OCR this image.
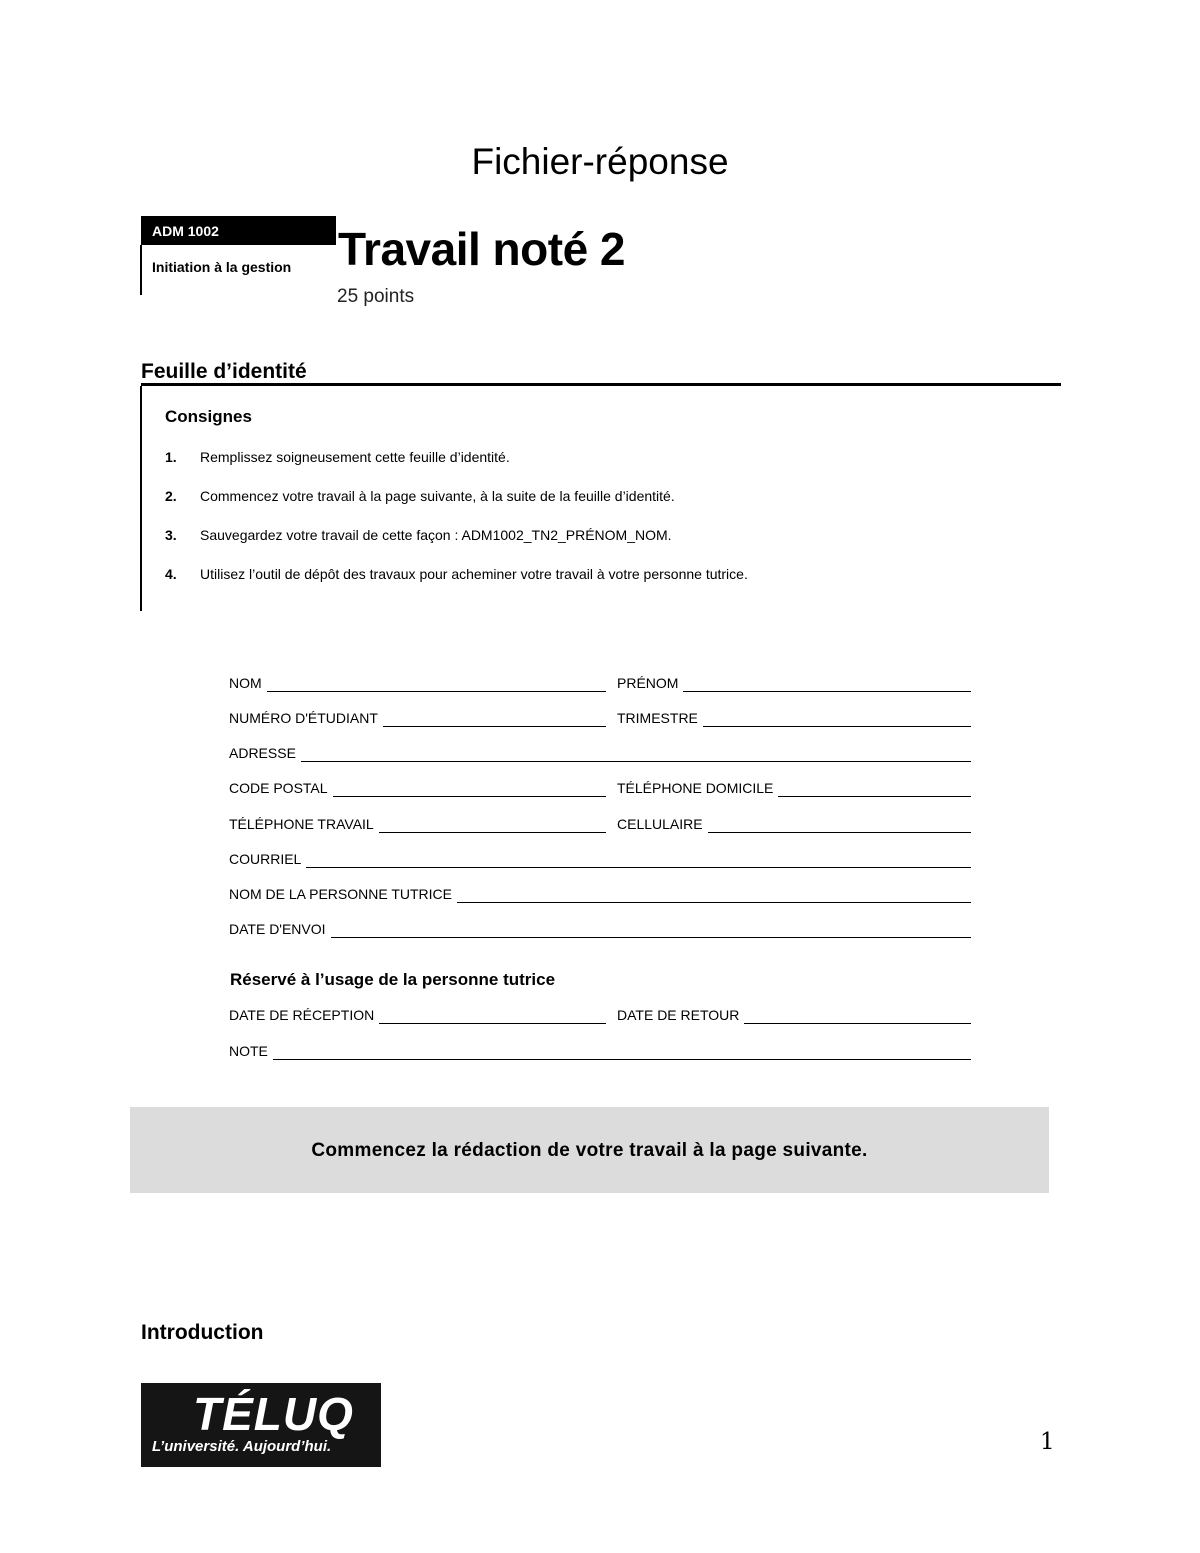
Fichier-réponse
ADM 1002
Initiation à la gestion Travail noté 2
25 points
Feuille d’identité
Consignes
1. Remplissez soigneusement cette feuille d’identité.
2. Commencez votre travail à la page suivante, à la suite de la feuille d’identité.
3. Sauvegardez votre travail de cette façon : ADM1002_TN2_PRÉNOM_NOM.
4. Utilisez l’outil de dépôt des travaux pour acheminer votre travail à votre personne tutrice.
NOM	PRÉNOM
NUMÉRO D'ÉTUDIANT	TRIMESTRE
ADRESSE
CODE POSTAL	TÉLÉPHONE DOMICILE
TÉLÉPHONE TRAVAIL	CELLULAIRE
COURRIEL
NOM DE LA PERSONNE TUTRICE
DATE D'ENVOI
Réservé à l’usage de la personne tutrice
DATE DE RÉCEPTION	DATE DE RETOUR
NOTE
Commencez la rédaction de votre travail à la page suivante.
Introduction
TÉLUQ
L’université. Aujourd’hui.	1
